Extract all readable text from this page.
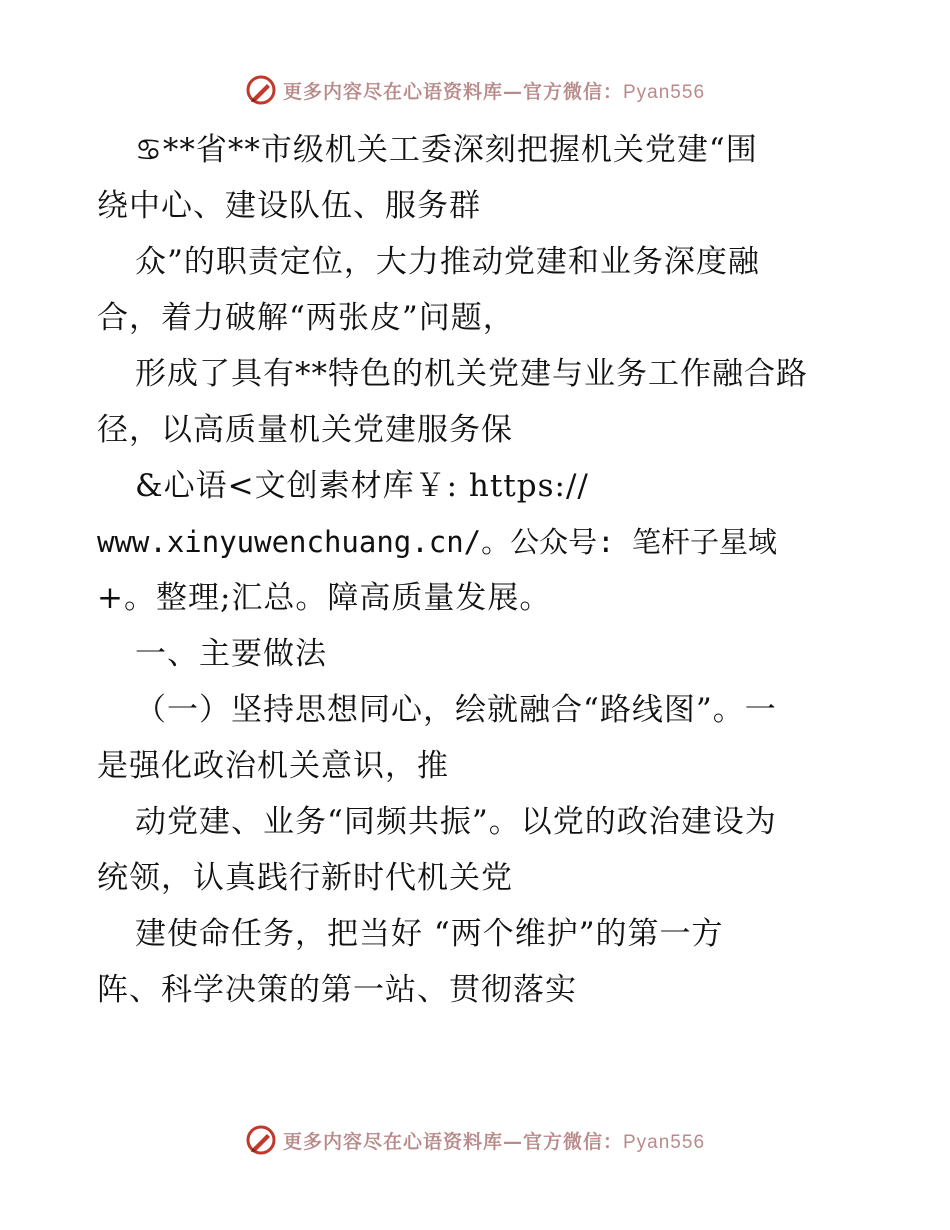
更多内容尽在心语资料库—官方微信：Pyan556
♋**省**市级机关工委深刻把握机关党建“围
绕中心、建设队伍、服务群
众”的职责定位，大力推动党建和业务深度融
合，着力破解“两张皮”问题，
形成了具有**特色的机关党建与业务工作融合路
径，以高质量机关党建服务保
&心语<文创素材库￥: https://
www.xinyuwenchuang.cn/。公众号: 笔杆子星域
+。整理;汇总。障高质量发展。
一、主要做法
（一）坚持思想同心，绘就融合“路线图”。一
是强化政治机关意识，推
动党建、业务“同频共振”。以党的政治建设为
统领，认真践行新时代机关党
建使命任务，把当好 “两个维护”的第一方
阵、科学决策的第一站、贯彻落实
更多内容尽在心语资料库—官方微信：Pyan556
